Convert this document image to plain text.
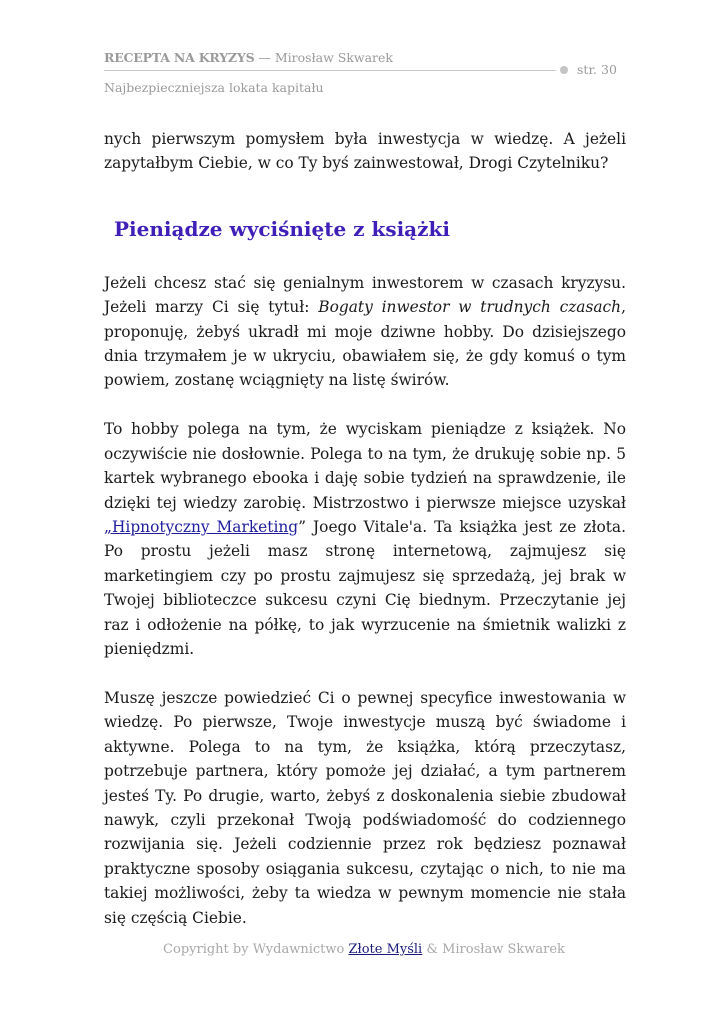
RECEPTA NA KRYZYS — Mirosław Skwarek
str. 30
Najbezpieczniejsza lokata kapitału

nych pierwszym pomysłem była inwestycja w wiedzę. A jeżeli zapytałbym Ciebie, w co Ty byś zainwestował, Drogi Czytelniku?

Pieniądze wyciśnięte z książki

Jeżeli chcesz stać się genialnym inwestorem w czasach kryzysu. Jeżeli marzy Ci się tytuł: Bogaty inwestor w trudnych czasach, proponuję, żebyś ukradł mi moje dziwne hobby. Do dzisiejszego dnia trzymałem je w ukryciu, obawiałem się, że gdy komuś o tym powiem, zostanę wciągnięty na listę świrów.

To hobby polega na tym, że wyciskam pieniądze z książek. No oczywiście nie dosłownie. Polega to na tym, że drukuję sobie np. 5 kartek wybranego ebooka i daję sobie tydzień na sprawdzenie, ile dzięki tej wiedzy zarobię. Mistrzostwo i pierwsze miejsce uzyskał „Hipnotyczny Marketing” Joego Vitale'a. Ta książka jest ze złota. Po prostu jeżeli masz stronę internetową, zajmujesz się marketingiem czy po prostu zajmujesz się sprzedażą, jej brak w Twojej biblioteczce sukcesu czyni Cię biednym. Przeczytanie jej raz i odłożenie na półkę, to jak wyrzucenie na śmietnik walizki z pieniędzmi.

Muszę jeszcze powiedzieć Ci o pewnej specyfice inwestowania w wiedzę. Po pierwsze, Twoje inwestycje muszą być świadome i aktywne. Polega to na tym, że książka, którą przeczytasz, potrzebuje partnera, który pomoże jej działać, a tym partnerem jesteś Ty. Po drugie, warto, żebyś z doskonalenia siebie zbudował nawyk, czyli przekonał Twoją podświadomość do codziennego rozwijania się. Jeżeli codziennie przez rok będziesz poznawał praktyczne sposoby osiągania sukcesu, czytając o nich, to nie ma takiej możliwości, żeby ta wiedza w pewnym momencie nie stała się częścią Ciebie.

Copyright by Wydawnictwo Złote Myśli & Mirosław Skwarek
